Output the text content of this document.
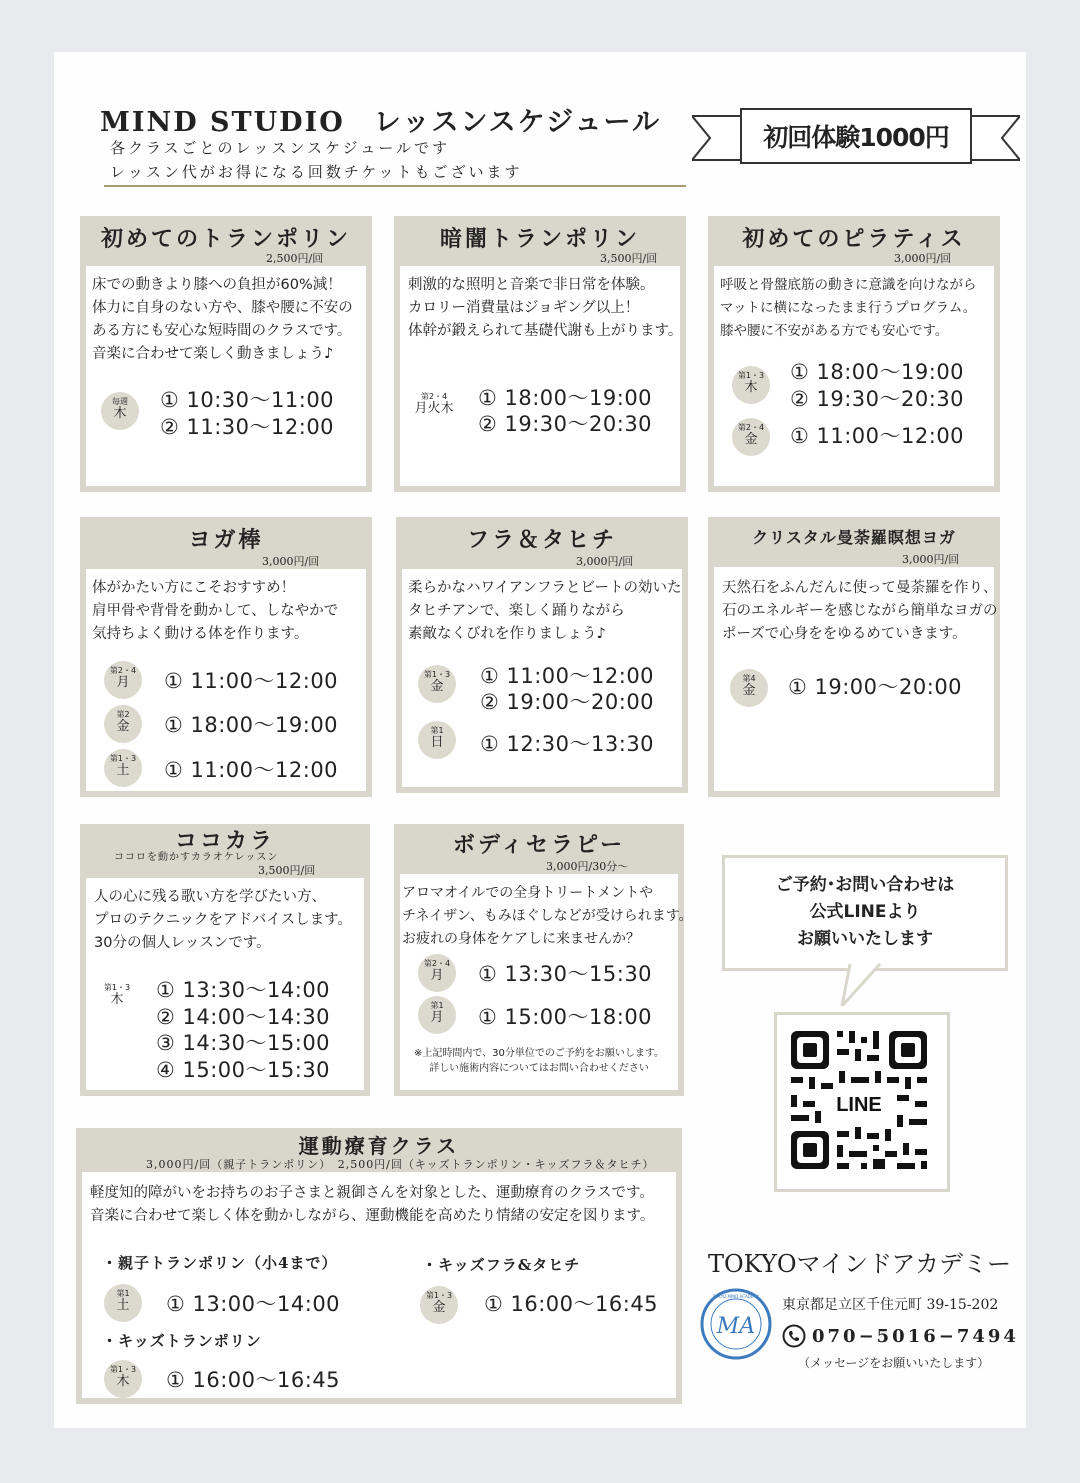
MIND STUDIO　レッスンスケジュール
各クラスごとのレッスンスケジュールです
レッスン代がお得になる回数チケットもございます
初回体験1000円
初めてのトランポリン
2,500円/回
床での動きより膝への負担が60%減！
体力に自身のない方や、膝や腰に不安の
ある方にも安心な短時間のクラスです。
音楽に合わせて楽しく動きましょう♪
毎週
木
① 10:30〜11:00
② 11:30〜12:00
暗闇トランポリン
3,500円/回
刺激的な照明と音楽で非日常を体験。
カロリー消費量はジョギング以上！
体幹が鍛えられて基礎代謝も上がります。
第2・4
月火木 ① 18:00〜19:00
② 19:30〜20:30
初めてのピラティス
3,000円/回
呼吸と骨盤底筋の動きに意識を向けながら
マットに横になったまま行うプログラム。
膝や腰に不安がある方でも安心です。
第1・3
木
① 18:00〜19:00
② 19:30〜20:30
第2・4
金	① 11:00〜12:00
ヨガ棒
3,000円/回
体がかたい方にこそおすすめ！
肩甲骨や背骨を動かして、しなやかで
気持ちよく動ける体を作ります。
第2・4
月	① 11:00〜12:00
第2
金	① 18:00〜19:00
第1・3
土	① 11:00〜12:00
フラ＆タヒチ
3,000円/回
柔らかなハワイアンフラとビートの効いた
タヒチアンで、楽しく踊りながら
素敵なくびれを作りましょう♪
第1・3
金	① 11:00〜12:00
② 19:00〜20:00
第1
日	① 12:30〜13:30
クリスタル曼荼羅瞑想ヨガ
3,000円/回
天然石をふんだんに使って曼荼羅を作り、
石のエネルギーを感じながら簡単なヨガの
ポーズで心身ををゆるめていきます。
第4
金	① 19:00〜20:00
ココカラ
ココロを動かすカラオケレッスン
3,500円/回
人の心に残る歌い方を学びたい方、
プロのテクニックをアドバイスします。
30分の個人レッスンです。
第1・3
木	① 13:30〜14:00
② 14:00〜14:30
③ 14:30〜15:00
④ 15:00〜15:30
ボディセラピー
3,000円/30分〜
アロマオイルでの全身トリートメントや
チネイザン、もみほぐしなどが受けられます。
お疲れの身体をケアしに来ませんか？
第2・4
月	① 13:30〜15:30
第1
月	① 15:00〜18:00
※上記時間内で、30分単位でのご予約をお願いします。
詳しい施術内容についてはお問い合わせください
運動療育クラス
3,000円/回（親子トランポリン）　2,500円/回（キッズトランポリン・キッズフラ＆タヒチ）
軽度知的障がいをお持ちのお子さまと親御さんを対象とした、運動療育のクラスです。
音楽に合わせて楽しく体を動かしながら、運動機能を高めたり情緒の安定を図ります。
・親子トランポリン（小4まで）
第1
土	① 13:00〜14:00
・キッズトランポリン
第1・3
木	① 16:00〜16:45
・キッズフラ&タヒチ
第1・3
金	① 16:00〜16:45
ご予約･お問い合わせは
公式LINEより
お願いいたします
LINE
TOKYOマインドアカデミー
MA
TOKYO MIND ACADEMY
東京都足立区千住元町 39-15-202
070−5016−7494
（メッセージをお願いいたします）
